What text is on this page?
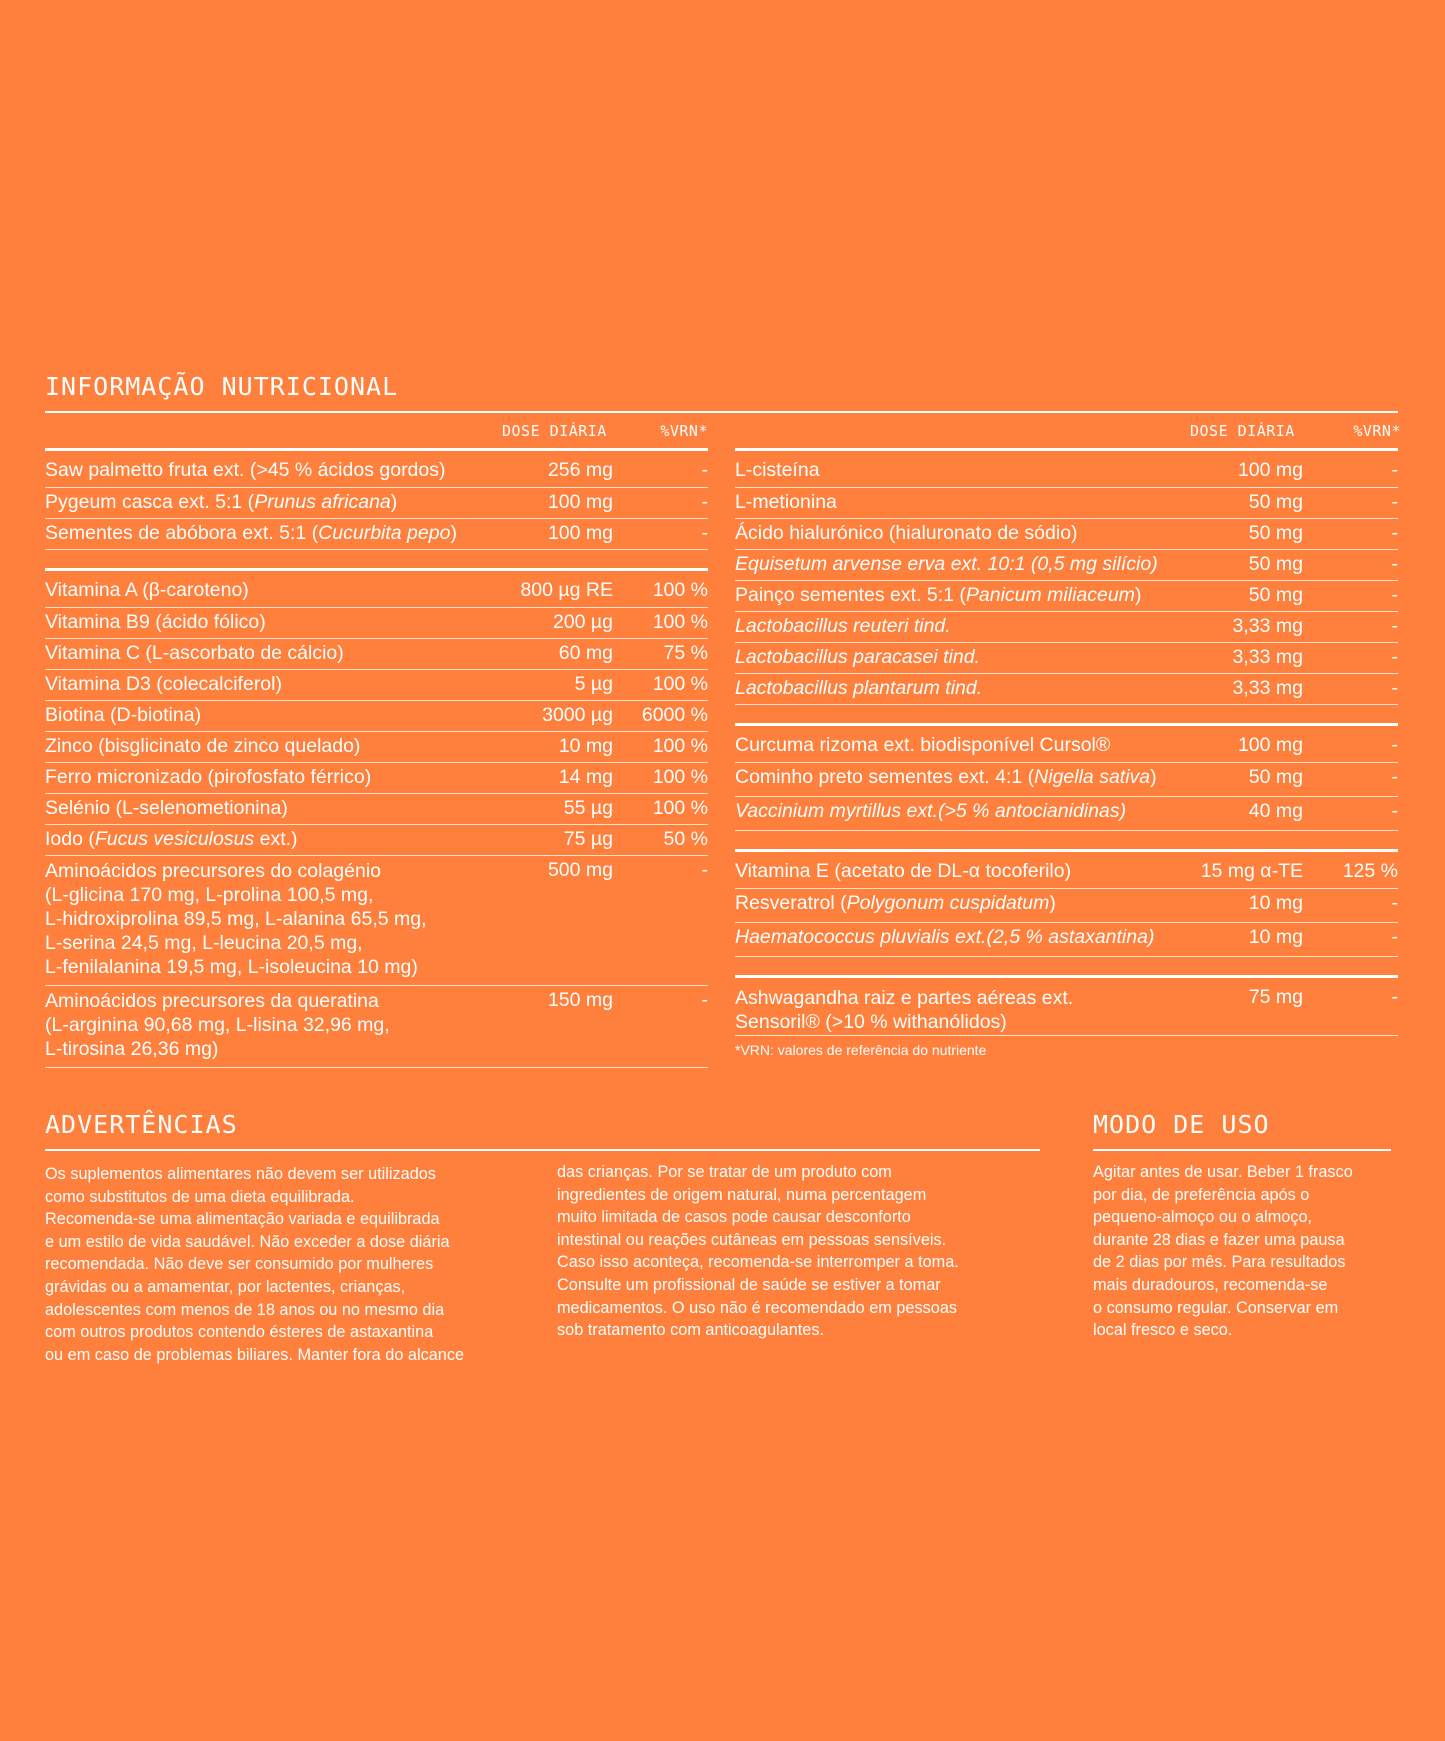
INFORMAÇÃO NUTRICIONAL
DOSE DIÁRIA	%VRN*
Saw palmetto fruta ext. (>45 % ácidos gordos)	256 mg	-
Pygeum casca ext. 5:1 (Prunus africana)	100 mg	-
Sementes de abóbora ext. 5:1 (Cucurbita pepo)	100 mg	-
Vitamina A (β-caroteno)	800 µg RE 100 %
Vitamina B9 (ácido fólico)	200 µg 100 %
Vitamina C (L-ascorbato de cálcio)	60 mg	75 %
Vitamina D3 (colecalciferol)	5 µg 100 %
Biotina (D-biotina)	3000 µg 6000 %
Zinco (bisglicinato de zinco quelado)	10 mg 100 %
Ferro micronizado (pirofosfato férrico)	14 mg 100 %
Selénio (L-selenometionina)	55 µg 100 %
Iodo (Fucus vesiculosus ext.)	75 µg	50 %
Aminoácidos precursores do colagénio
(L-glicina 170 mg, L-prolina 100,5 mg,
L-hidroxiprolina 89,5 mg, L-alanina 65,5 mg,
L-serina 24,5 mg, L-leucina 20,5 mg,
L-fenilalanina 19,5 mg, L-isoleucina 10 mg)
500 mg	-
Aminoácidos precursores da queratina
(L-arginina 90,68 mg, L-lisina 32,96 mg,
L-tirosina 26,36 mg)
150 mg	-
DOSE DIÁRIA	%VRN*
L-cisteína	100 mg	-
L-metionina	50 mg	-
Ácido hialurónico (hialuronato de sódio)	50 mg	-
Equisetum arvense erva ext. 10:1 (0,5 mg silício)	50 mg	-
Painço sementes ext. 5:1 (Panicum miliaceum)	50 mg	-
Lactobacillus reuteri tind.	3,33 mg	-
Lactobacillus paracasei tind.	3,33 mg	-
Lactobacillus plantarum tind.	3,33 mg	-
Curcuma rizoma ext. biodisponível Cursol®	100 mg	-
Cominho preto sementes ext. 4:1 (Nigella sativa)	50 mg	-
Vaccinium myrtillus ext.(>5 % antocianidinas)	40 mg	-
Vitamina E (acetato de DL-α tocoferilo)	15 mg α-TE 125 %
Resveratrol (Polygonum cuspidatum)	10 mg	-
Haematococcus pluvialis ext.(2,5 % astaxantina)	10 mg	-
Ashwagandha raiz e partes aéreas ext.
Sensoril® (>10 % withanólidos)
75 mg	-
*VRN: valores de referência do nutriente
ADVERTÊNCIAS
Os suplementos alimentares não devem ser utilizados
como substitutos de uma dieta equilibrada.
Recomenda-se uma alimentação variada e equilibrada
e um estilo de vida saudável. Não exceder a dose diária
recomendada. Não deve ser consumido por mulheres
grávidas ou a amamentar, por lactentes, crianças,
adolescentes com menos de 18 anos ou no mesmo dia
com outros produtos contendo ésteres de astaxantina
ou em caso de problemas biliares. Manter fora do alcance
das crianças. Por se tratar de um produto com
ingredientes de origem natural, numa percentagem
muito limitada de casos pode causar desconforto
intestinal ou reações cutâneas em pessoas sensíveis.
Caso isso aconteça, recomenda-se interromper a toma.
Consulte um profissional de saúde se estiver a tomar
medicamentos. O uso não é recomendado em pessoas
sob tratamento com anticoagulantes.
MODO DE USO
Agitar antes de usar. Beber 1 frasco
por dia, de preferência após o
pequeno-almoço ou o almoço,
durante 28 dias e fazer uma pausa
de 2 dias por mês. Para resultados
mais duradouros, recomenda-se
o consumo regular. Conservar em
local fresco e seco.
